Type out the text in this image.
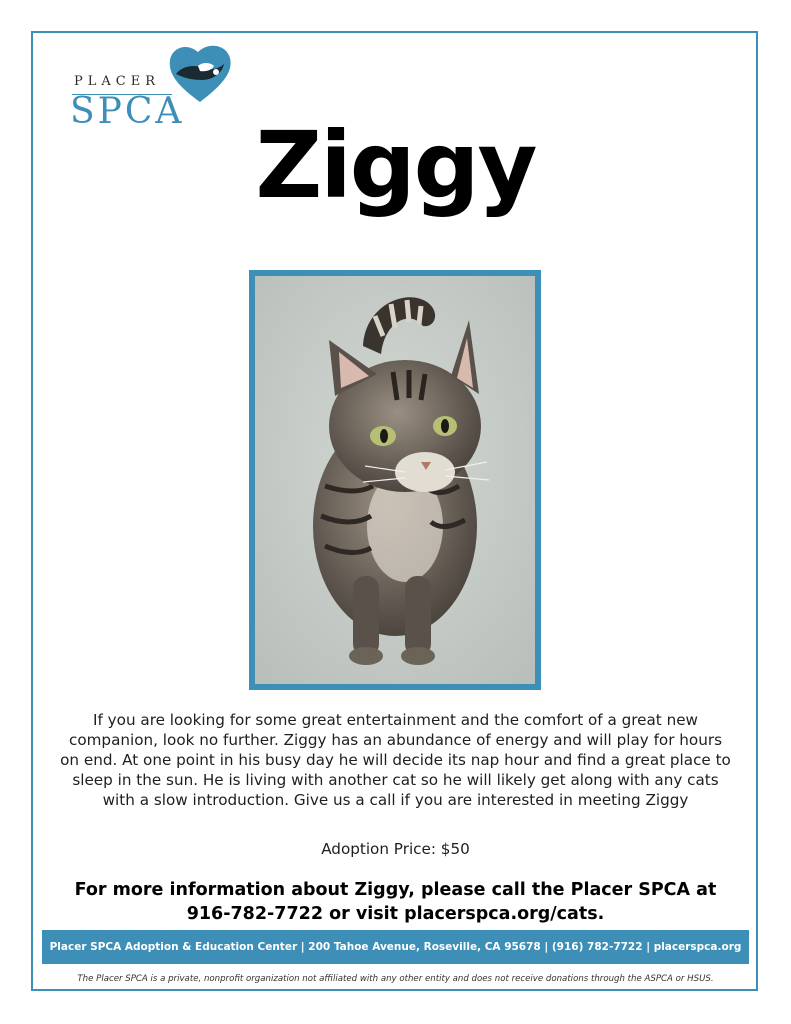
PLACER
SPCA
Ziggy
If you are looking for some great entertainment and the comfort of a great new companion, look no further. Ziggy has an abundance of energy and will play for hours on end. At one point in his busy day he will decide its nap hour and find a great place to sleep in the sun. He is living with another cat so he will likely get along with any cats with a slow introduction. Give us a call if you are interested in meeting Ziggy
Adoption Price: $50
For more information about Ziggy, please call the Placer SPCA at
916-782-7722 or visit placerspca.org/cats.
Placer SPCA Adoption & Education Center | 200 Tahoe Avenue, Roseville, CA 95678 | (916) 782-7722 | placerspca.org
The Placer SPCA is a private, nonprofit organization not affiliated with any other entity and does not receive donations through the ASPCA or HSUS.
